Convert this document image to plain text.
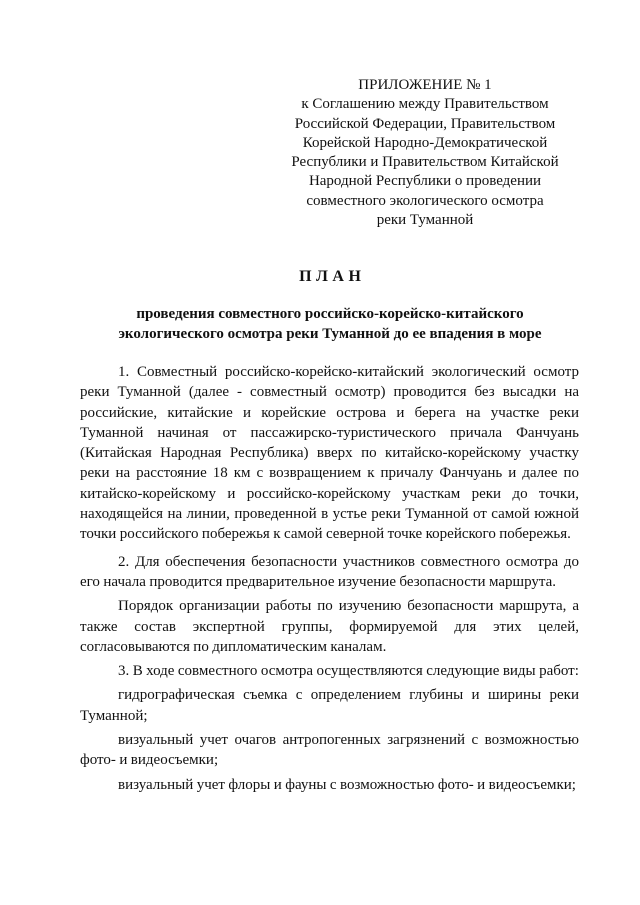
ПРИЛОЖЕНИЕ № 1
к Соглашению между Правительством
Российской Федерации, Правительством
Корейской Народно-Демократической
Республики и Правительством Китайской
Народной Республики о проведении
совместного экологического осмотра
реки Туманной
ПЛАН
проведения совместного российско-корейско-китайского
экологического осмотра реки Туманной до ее впадения в море

1. Совместный российско-корейско-китайский экологический осмотр реки Туманной (далее - совместный осмотр) проводится без высадки на российские, китайские и корейские острова и берега на участке реки Туманной начиная от пассажирско-туристического причала Фанчуань (Китайская Народная Республика) вверх по китайско-корейскому участку реки на расстояние 18 км с возвращением к причалу Фанчуань и далее по китайско-корейскому и российско-корейскому участкам реки до точки, находящейся на линии, проведенной в устье реки Туманной от самой южной точки российского побережья к самой северной точке корейского побережья.

2. Для обеспечения безопасности участников совместного осмотра до его начала проводится предварительное изучение безопасности маршрута.

Порядок организации работы по изучению безопасности маршрута, а также состав экспертной группы, формируемой для этих целей, согласовываются по дипломатическим каналам.

3. В ходе совместного осмотра осуществляются следующие виды работ:

гидрографическая съемка с определением глубины и ширины реки Туманной;

визуальный учет очагов антропогенных загрязнений с возможностью фото- и видеосъемки;

визуальный учет флоры и фауны с возможностью фото- и видеосъемки;
